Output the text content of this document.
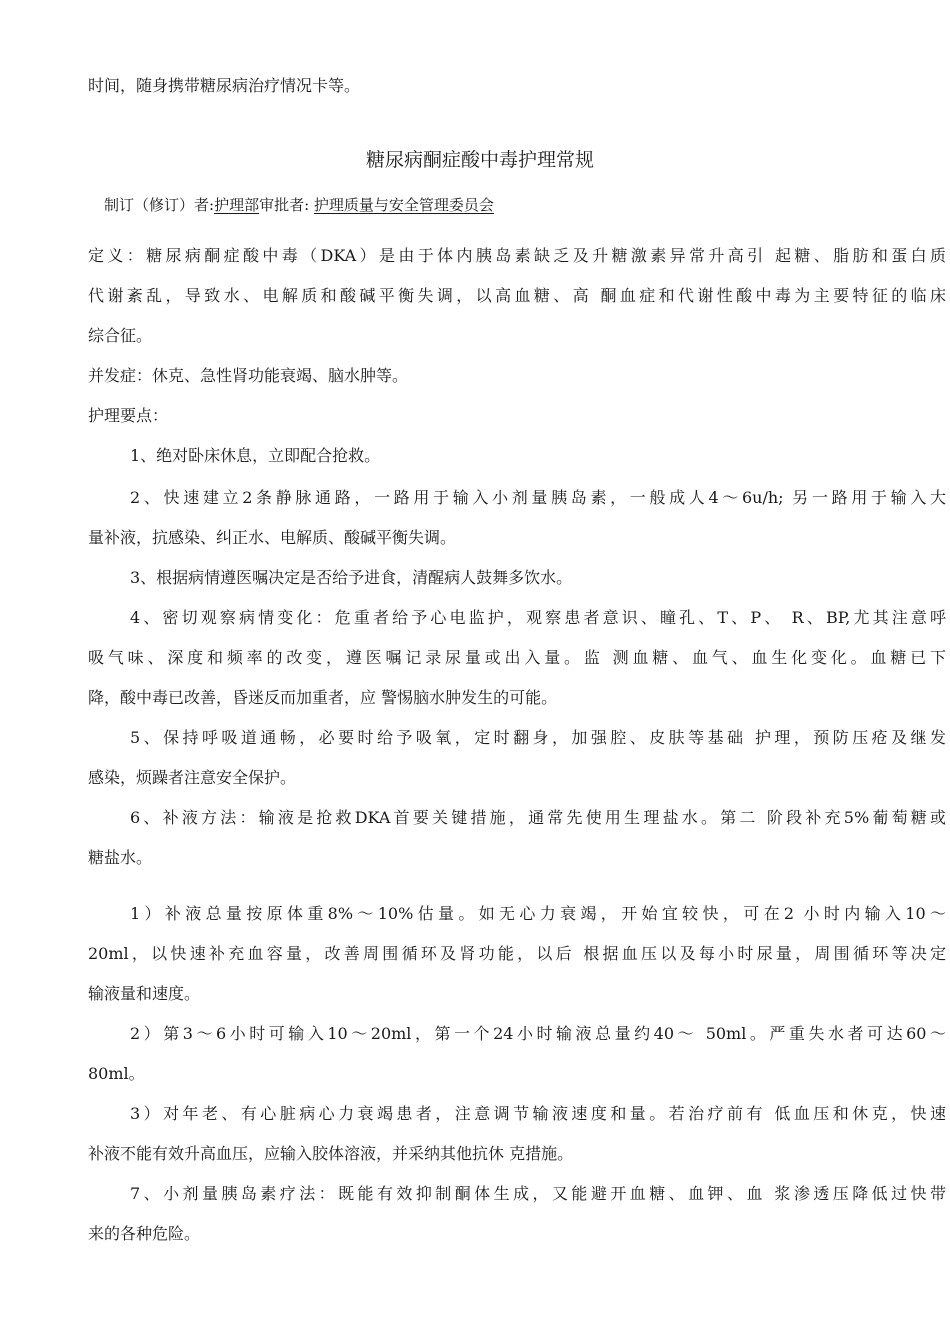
时间，随身携带糖尿病治疗情况卡等。
糖尿病酮症酸中毒护理常规
制订（修订）者:护理部审批者: 护理质量与安全管理委员会
定义：糖尿病酮症酸中毒（DKA）是由于体内胰岛素缺乏及升糖激素异常升高引 起糖、脂肪和蛋白质
代谢紊乱，导致水、电解质和酸碱平衡失调，以高血糖、高 酮血症和代谢性酸中毒为主要特征的临床
综合征。
并发症：休克、急性肾功能衰竭、脑水肿等。
护理要点：
1、绝对卧床休息，立即配合抢救。
2、快速建立2条静脉通路，一路用于输入小剂量胰岛素，一般成人4〜6u/h; 另一路用于输入大
量补液，抗感染、纠正水、电解质、酸碱平衡失调。
3、根据病情遵医嘱决定是否给予进食，清醒病人鼓舞多饮水。
4、密切观察病情变化：危重者给予心电监护，观察患者意识、瞳孔、T、P、 R、BP,尤其注意呼
吸气味、深度和频率的改变，遵医嘱记录尿量或出入量。监 测血糖、血气、血生化变化。血糖已下
降，酸中毒已改善，昏迷反而加重者，应 警惕脑水肿发生的可能。
5、保持呼吸道通畅，必要时给予吸氧，定时翻身，加强腔、皮肤等基础 护理，预防压疮及继发
感染，烦躁者注意安全保护。
6、补液方法：输液是抢救DKA首要关键措施，通常先使用生理盐水。第二 阶段补充5%葡萄糖或
糖盐水。
1）补液总量按原体重8%〜10%估量。如无心力衰竭，开始宜较快，可在2 小时内输入10〜
20ml，以快速补充血容量，改善周围循环及肾功能，以后 根据血压以及每小时尿量，周围循环等决定
输液量和速度。
2）第3〜6小时可输入10〜20ml，第一个24小时输液总量约40〜 50ml。严重失水者可达60〜
80ml。
3）对年老、有心脏病心力衰竭患者，注意调节输液速度和量。若治疗前有 低血压和休克，快速
补液不能有效升高血压，应输入胶体溶液，并采纳其他抗休 克措施。
7、小剂量胰岛素疗法：既能有效抑制酮体生成，又能避开血糖、血钾、血 浆渗透压降低过快带
来的各种危险。
